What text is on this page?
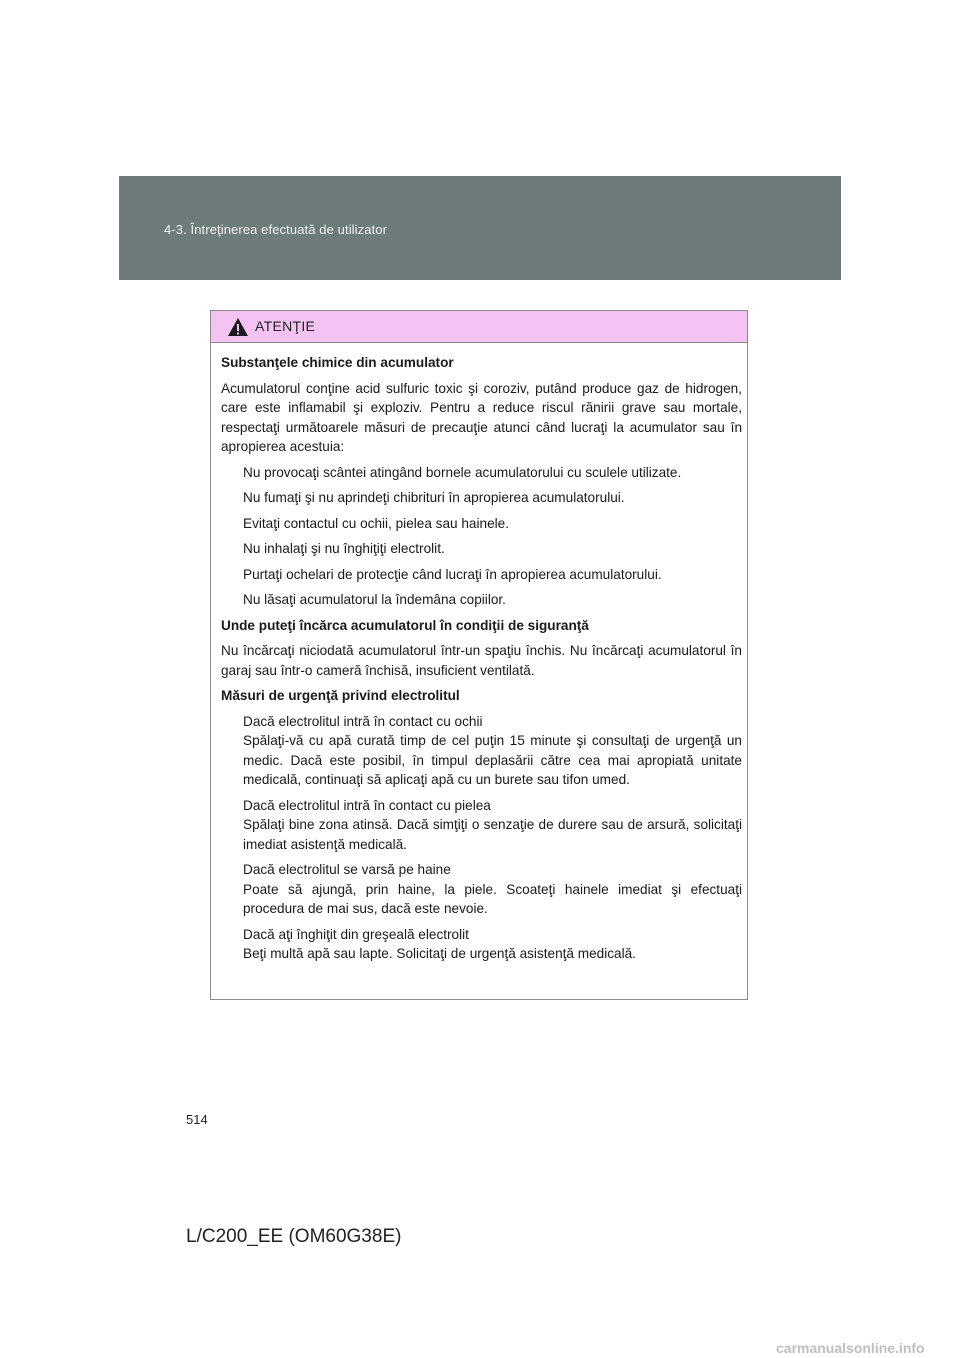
4-3. Întreţinerea efectuată de utilizator
ATENŢIE

Substanţele chimice din acumulator

Acumulatorul conţine acid sulfuric toxic şi coroziv, putând produce gaz de hidrogen, care este inflamabil şi exploziv. Pentru a reduce riscul rănirii grave sau mortale, respectaţi următoarele măsuri de precauţie atunci când lucraţi la acumulator sau în apropierea acestuia:

Nu provocaţi scântei atingând bornele acumulatorului cu sculele utilizate.

Nu fumaţi şi nu aprindeţi chibrituri în apropierea acumulatorului.

Evitaţi contactul cu ochii, pielea sau hainele.

Nu inhalaţi şi nu înghiţiţi electrolit.

Purtaţi ochelari de protecţie când lucraţi în apropierea acumulatorului.

Nu lăsaţi acumulatorul la îndemâna copiilor.

Unde puteţi încărca acumulatorul în condiţii de siguranţă

Nu încărcaţi niciodată acumulatorul într-un spaţiu închis. Nu încărcaţi acumulatorul în garaj sau într-o cameră închisă, insuficient ventilată.

Măsuri de urgenţă privind electrolitul

Dacă electrolitul intră în contact cu ochii
Spălaţi-vă cu apă curată timp de cel puţin 15 minute şi consultaţi de urgenţă un medic. Dacă este posibil, în timpul deplasării către cea mai apropiată unitate medicală, continuaţi să aplicaţi apă cu un burete sau tifon umed.

Dacă electrolitul intră în contact cu pielea
Spălaţi bine zona atinsă. Dacă simţiţi o senzaţie de durere sau de arsură, solicitaţi imediat asistenţă medicală.

Dacă electrolitul se varsă pe haine
Poate să ajungă, prin haine, la piele. Scoateţi hainele imediat şi efectuaţi procedura de mai sus, dacă este nevoie.

Dacă aţi înghiţit din greşeală electrolit
Beţi multă apă sau lapte. Solicitaţi de urgenţă asistenţă medicală.

514
L/C200_EE (OM60G38E)
carmanualsonline.info
